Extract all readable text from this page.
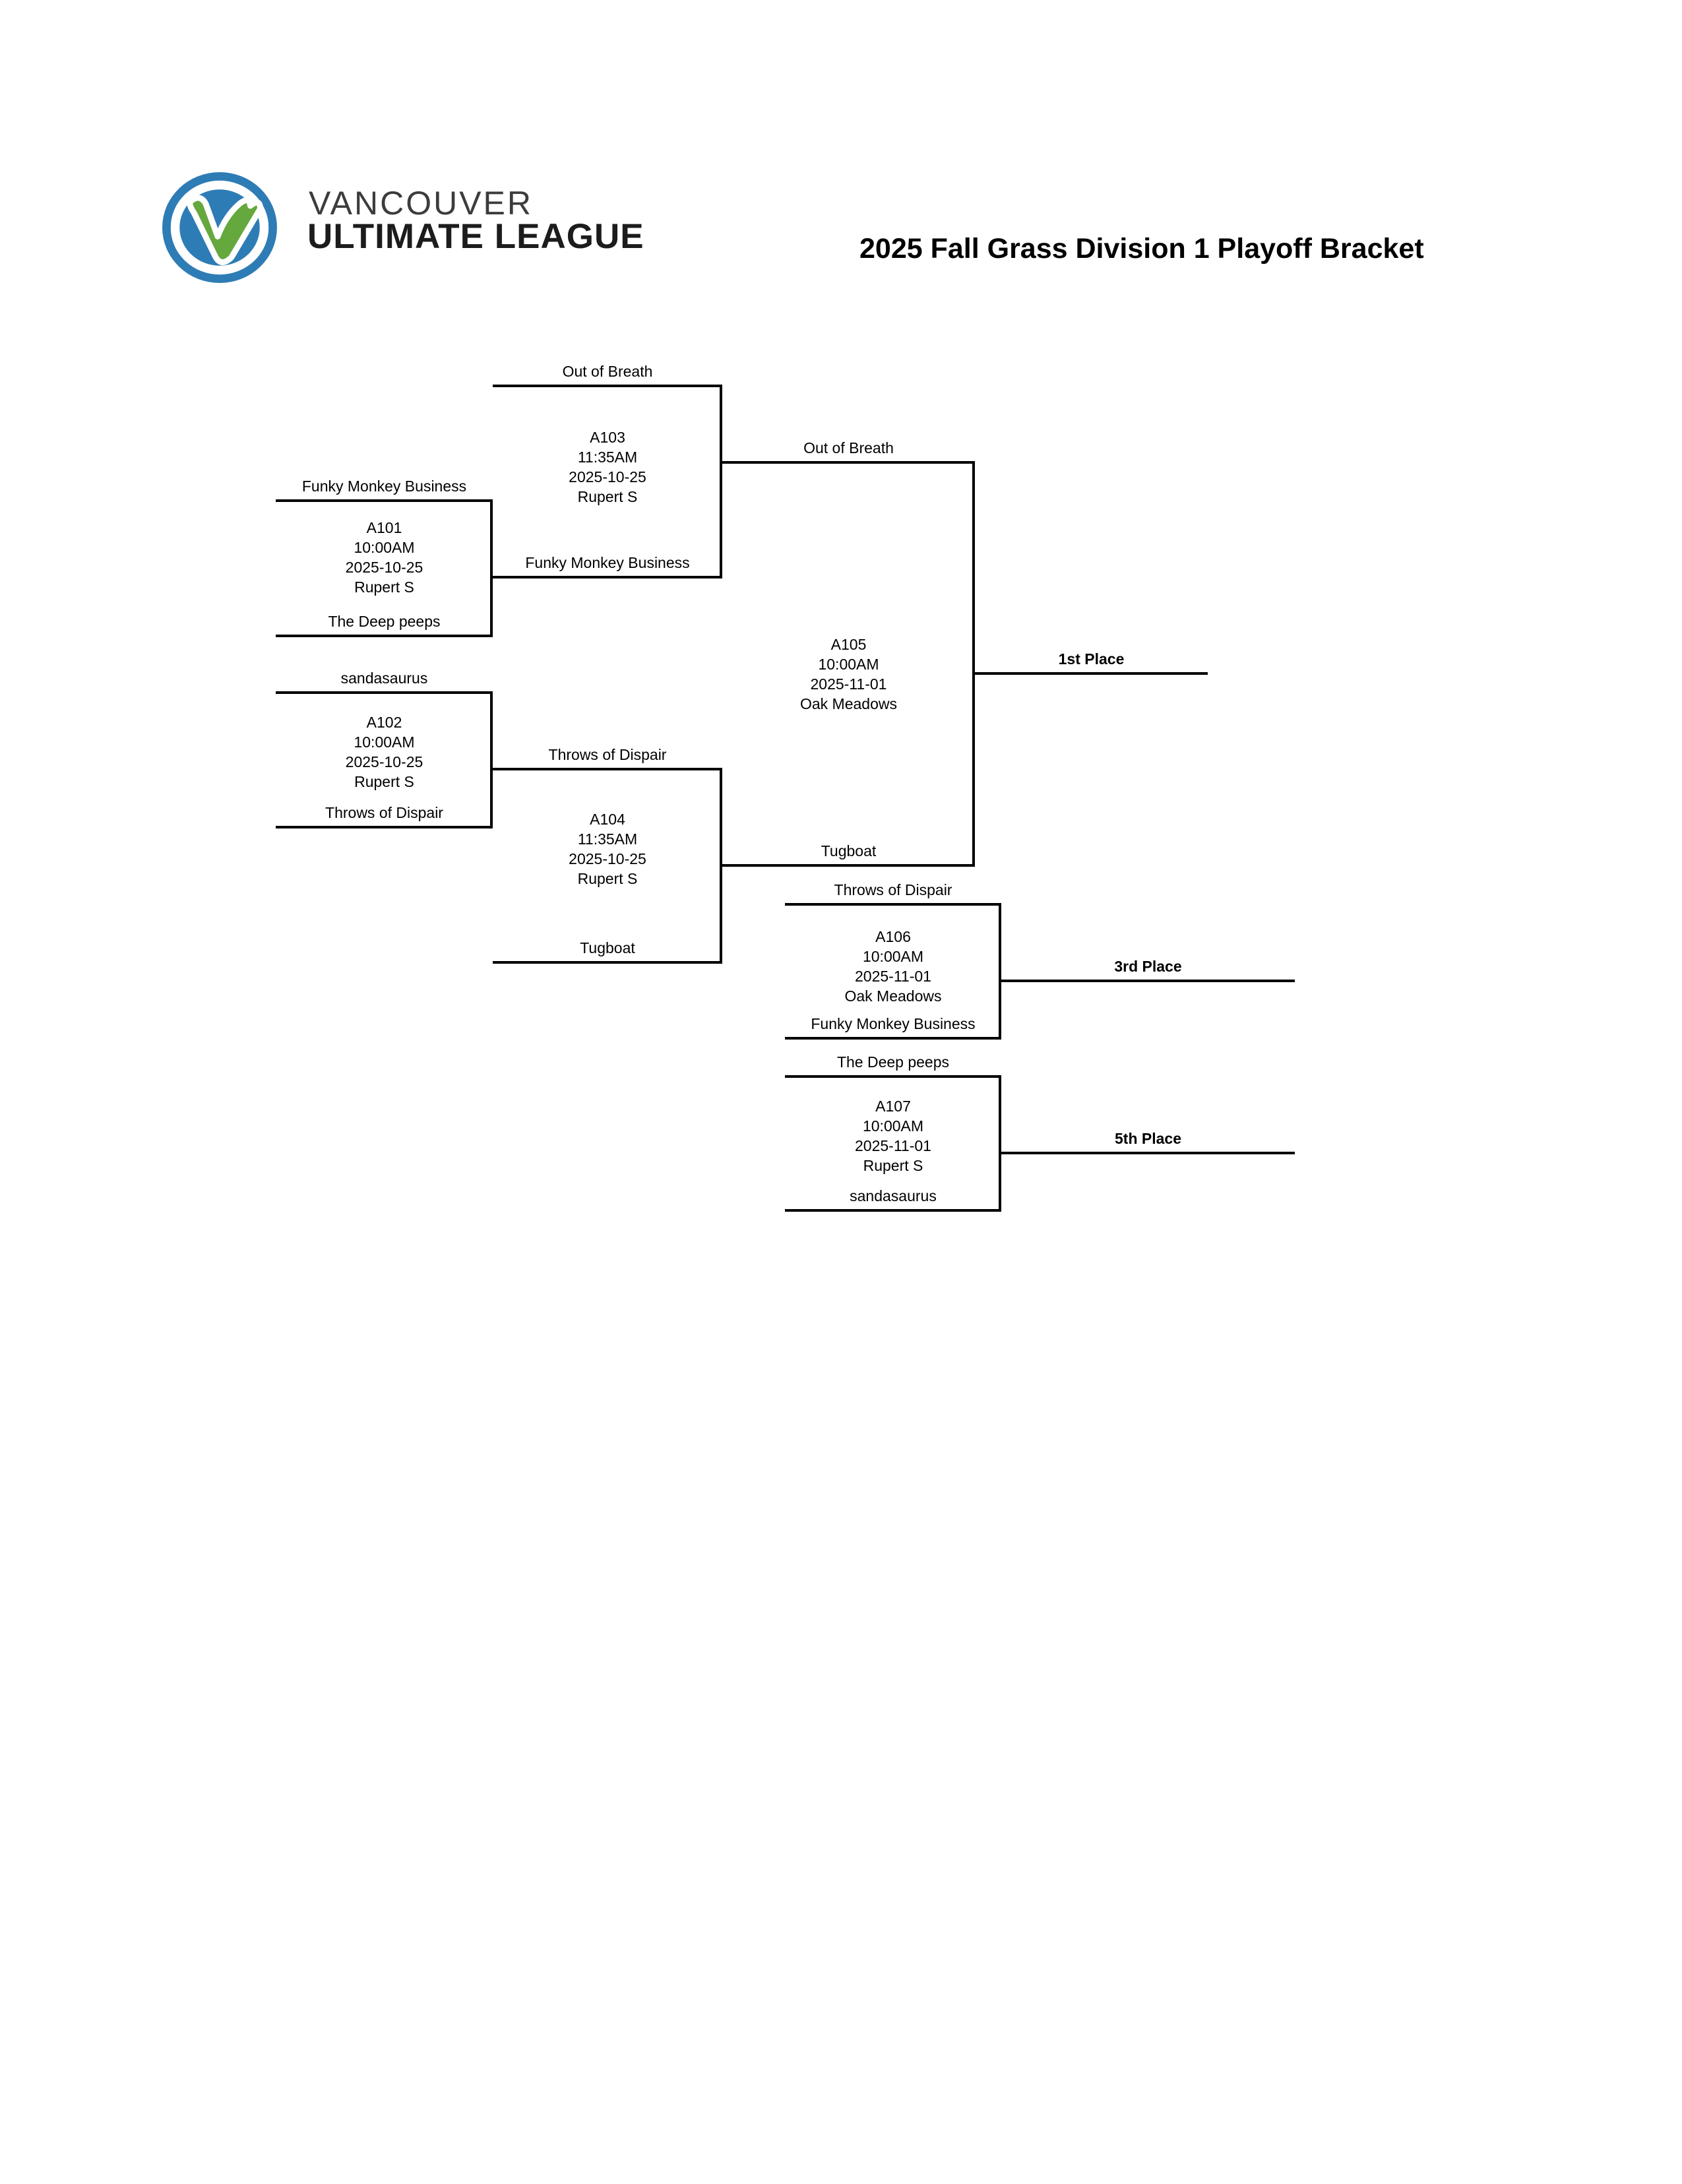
VANCOUVER
ULTIMATE LEAGUE	2025 Fall Grass Division 1 Playoff Bracket
Funky Monkey Business
A101
10:00AM
2025-10-25
Rupert S
The Deep peeps
sandasaurus
A102
10:00AM
2025-10-25
Rupert S
Throws of Dispair
Out of Breath
A103
11:35AM
2025-10-25
Rupert S
Funky Monkey Business
Throws of Dispair
A104
11:35AM
2025-10-25
Rupert S
Tugboat
Out of Breath
A105
10:00AM
2025-11-01
Oak Meadows
Tugboat
1st Place
Throws of Dispair
A106
10:00AM
2025-11-01
Oak Meadows
Funky Monkey Business
3rd Place
The Deep peeps
A107
10:00AM
2025-11-01
Rupert S
sandasaurus
5th Place
